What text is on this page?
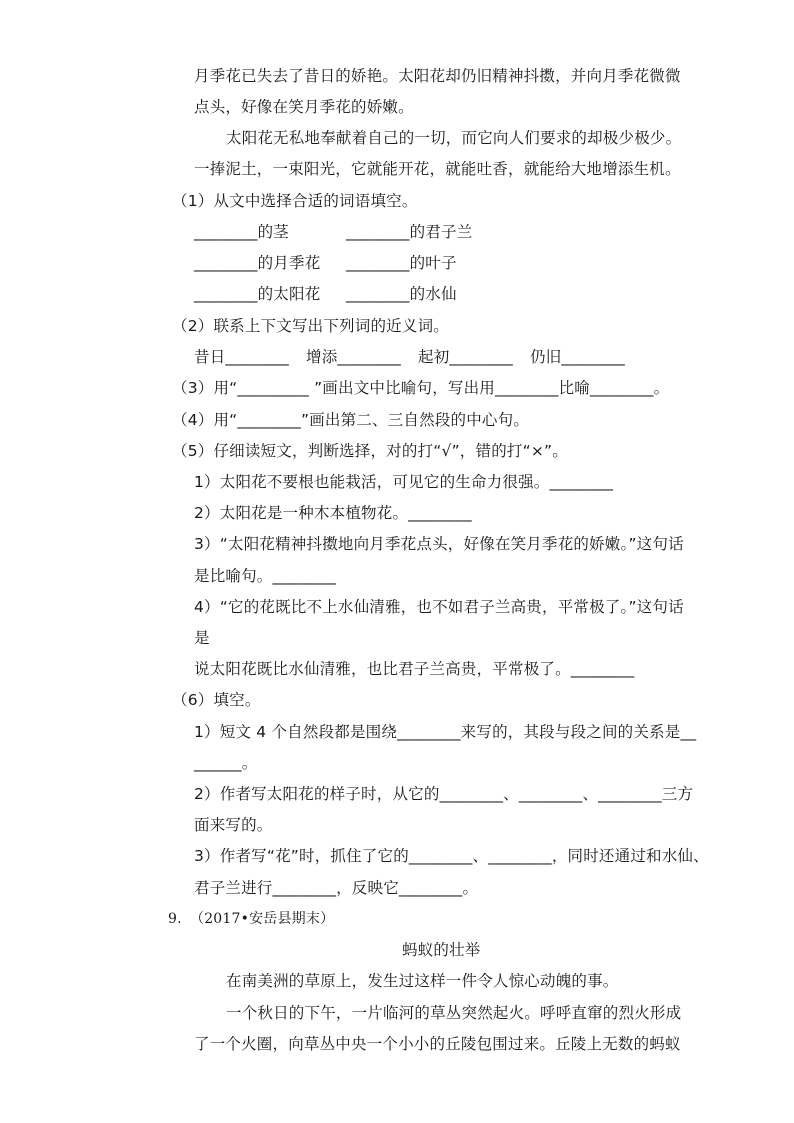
月季花已失去了昔日的娇艳。太阳花却仍旧精神抖擞，并向月季花微微
点头，好像在笑月季花的娇嫩。
太阳花无私地奉献着自己的一切，而它向人们要求的却极少极少。
一捧泥土，一束阳光，它就能开花，就能吐香，就能给大地增添生机。
（1）从文中选择合适的词语填空。
________的茎	________的君子兰
________的月季花 ________的叶子
________的太阳花 ________的水仙
（2）联系上下文写出下列词的近义词。
昔日________ 增添________ 起初________ 仍旧________
（3）用“_________ ”画出文中比喻句，写出用________比喻________。
（4）用“________”画出第二、三自然段的中心句。
（5）仔细读短文，判断选择，对的打“√”，错的打“×”。
1）太阳花不要根也能栽活，可见它的生命力很强。________
2）太阳花是一种木本植物花。________
3）“太阳花精神抖擞地向月季花点头，好像在笑月季花的娇嫩。”这句话
是比喻句。________
4）“它的花既比不上水仙清雅，也不如君子兰高贵，平常极了。”这句话
是
说太阳花既比水仙清雅，也比君子兰高贵，平常极了。________
（6）填空。
1）短文 4 个自然段都是围绕________来写的，其段与段之间的关系是__
______。
2）作者写太阳花的样子时，从它的________、________、________三方
面来写的。
3）作者写“花”时，抓住了它的________、________，同时还通过和水仙、
君子兰进行________，反映它________。
9. （2017•安岳县期末）
蚂蚁的壮举
在南美洲的草原上，发生过这样一件令人惊心动魄的事。
一个秋日的下午，一片临河的草丛突然起火。呼呼直窜的烈火形成
了一个火圈，向草丛中央一个小小的丘陵包围过来。丘陵上无数的蚂蚁
